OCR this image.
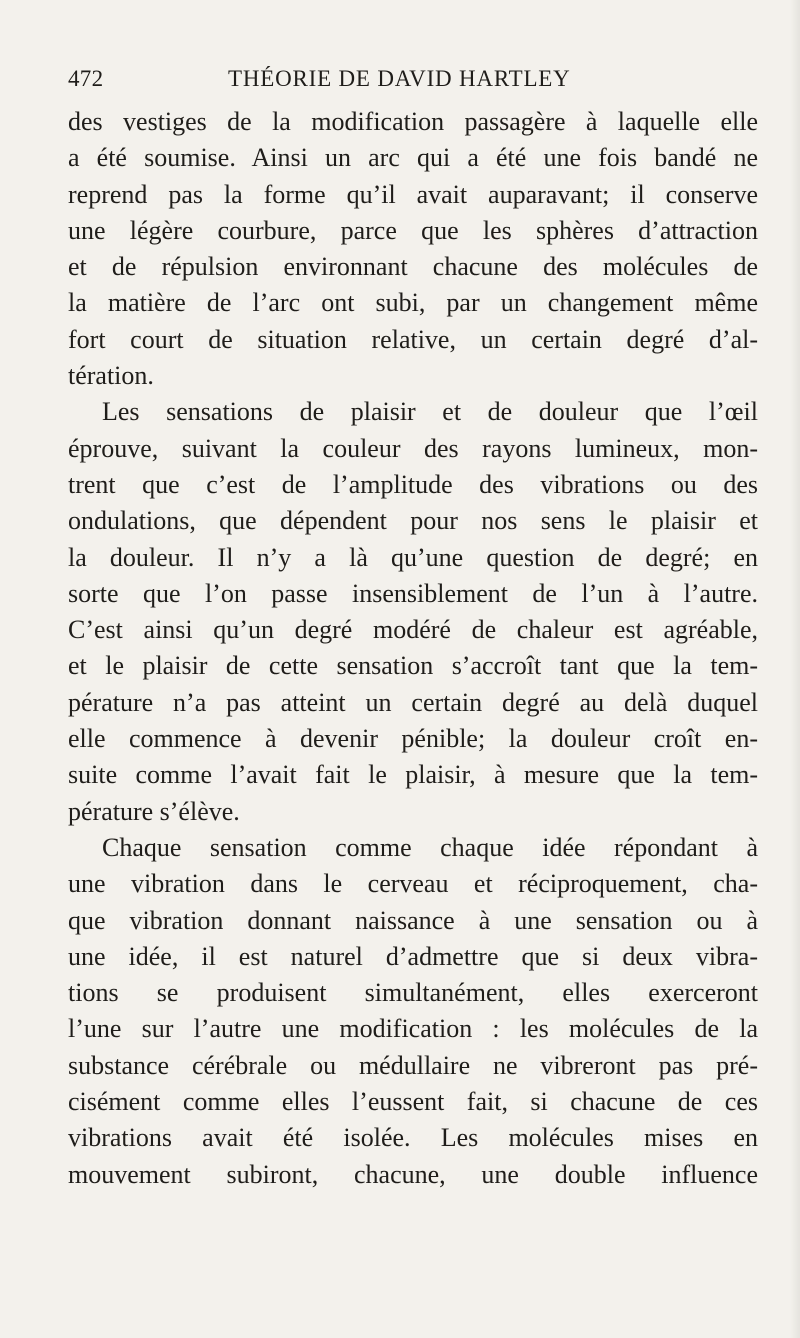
472	THÉORIE DE DAVID HARTLEY
des vestiges de la modification passagère à laquelle elle
a été soumise. Ainsi un arc qui a été une fois bandé ne
reprend pas la forme qu’il avait auparavant; il conserve
une légère courbure, parce que les sphères d’attraction
et de répulsion environnant chacune des molécules de
la matière de l’arc ont subi, par un changement même
fort court de situation relative, un certain degré d’al-
tération.
Les sensations de plaisir et de douleur que l’œil
éprouve, suivant la couleur des rayons lumineux, mon-
trent que c’est de l’amplitude des vibrations ou des
ondulations, que dépendent pour nos sens le plaisir et
la douleur. Il n’y a là qu’une question de degré; en
sorte que l’on passe insensiblement de l’un à l’autre.
C’est ainsi qu’un degré modéré de chaleur est agréable,
et le plaisir de cette sensation s’accroît tant que la tem-
pérature n’a pas atteint un certain degré au delà duquel
elle commence à devenir pénible; la douleur croît en-
suite comme l’avait fait le plaisir, à mesure que la tem-
pérature s’élève.
Chaque sensation comme chaque idée répondant à
une vibration dans le cerveau et réciproquement, cha-
que vibration donnant naissance à une sensation ou à
une idée, il est naturel d’admettre que si deux vibra-
tions se produisent simultanément, elles exerceront
l’une sur l’autre une modification : les molécules de la
substance cérébrale ou médullaire ne vibreront pas pré-
cisément comme elles l’eussent fait, si chacune de ces
vibrations avait été isolée. Les molécules mises en
mouvement subiront, chacune, une double influence
